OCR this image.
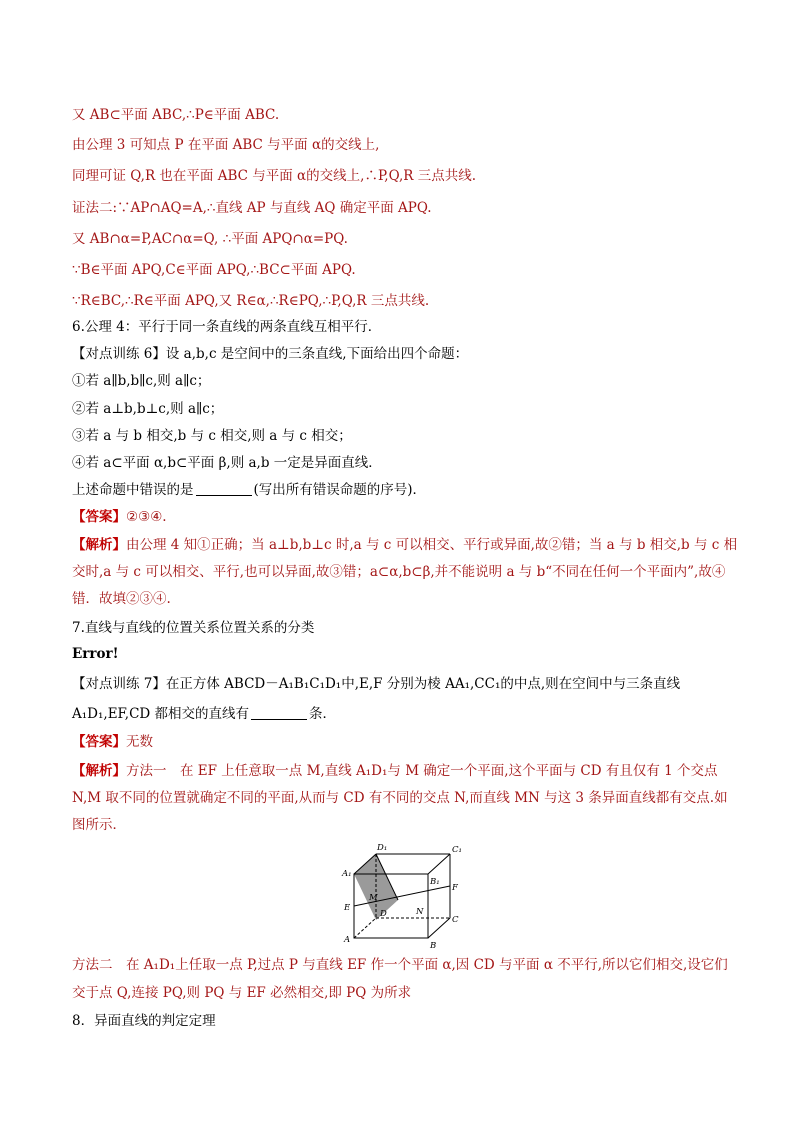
又 AB⊂平面 ABC,∴P∈平面 ABC.
由公理 3 可知点 P 在平面 ABC 与平面 α的交线上,
同理可证 Q,R 也在平面 ABC 与平面 α的交线上,∴P,Q,R 三点共线.
证法二:∵AP∩AQ=A,∴直线 AP 与直线 AQ 确定平面 APQ.
又 AB∩α=P,AC∩α=Q, ∴平面 APQ∩α=PQ.
∵B∈平面 APQ,C∈平面 APQ,∴BC⊂平面 APQ.
∵R∈BC,∴R∈平面 APQ,又 R∈α,∴R∈PQ,∴P,Q,R 三点共线.
6.公理 4：平行于同一条直线的两条直线互相平行．
【对点训练 6】设 a,b,c 是空间中的三条直线,下面给出四个命题：
①若 a∥b,b∥c,则 a∥c；
②若 a⊥b,b⊥c,则 a∥c；
③若 a 与 b 相交,b 与 c 相交,则 a 与 c 相交；
④若 a⊂平面 α,b⊂平面 β,则 a,b 一定是异面直线．
上述命题中错误的是	(写出所有错误命题的序号)．
【答案】②③④.
【解析】由公理 4 知①正确；当 a⊥b,b⊥c 时,a 与 c 可以相交、平行或异面,故②错；当 a 与 b 相交,b 与 c 相
交时,a 与 c 可以相交、平行,也可以异面,故③错；a⊂α,b⊂β,并不能说明 a 与 b“不同在任何一个平面内”,故④
错．故填②③④.
7.直线与直线的位置关系位置关系的分类
Error!
【对点训练 7】在正方体 ABCD－A₁B₁C₁D₁中,E,F 分别为棱 AA₁,CC₁的中点,则在空间中与三条直线
A₁D₁,EF,CD 都相交的直线有	条．
【答案】无数
【解析】方法一　在 EF 上任意取一点 M,直线 A₁D₁与 M 确定一个平面,这个平面与 CD 有且仅有 1 个交点
N,M 取不同的位置就确定不同的平面,从而与 CD 有不同的交点 N,而直线 MN 与这 3 条异面直线都有交点.如
图所示．
D₁	C₁
A₁
B₁
F
M
E
D	N
C
A
B
方法二　在 A₁D₁上任取一点 P,过点 P 与直线 EF 作一个平面 α,因 CD 与平面 α 不平行,所以它们相交,设它们
交于点 Q,连接 PQ,则 PQ 与 EF 必然相交,即 PQ 为所求
8．异面直线的判定定理
